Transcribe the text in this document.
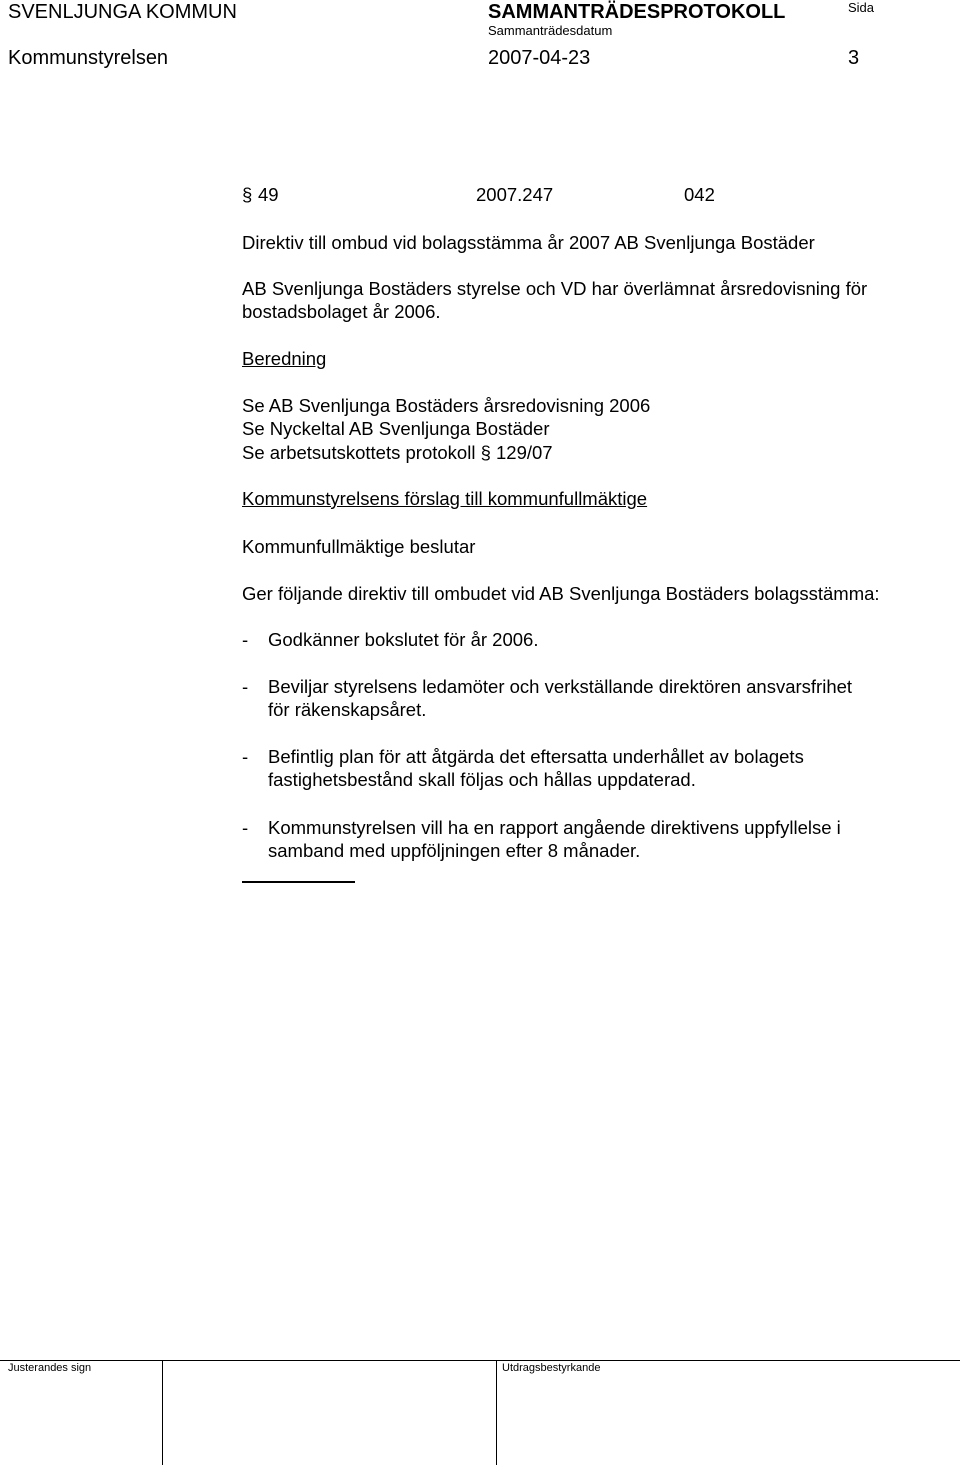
SVENLJUNGA KOMMUN	SAMMANTRÄDESPROTOKOLL	Sida
Sammanträdesdatum
Kommunstyrelsen	2007-04-23	3
§ 49	2007.247	042
Direktiv till ombud vid bolagsstämma år 2007 AB Svenljunga Bostäder
AB Svenljunga Bostäders styrelse och VD har överlämnat årsredovisning för
bostadsbolaget år 2006.
Beredning
Se AB Svenljunga Bostäders årsredovisning 2006
Se Nyckeltal AB Svenljunga Bostäder
Se arbetsutskottets protokoll § 129/07
Kommunstyrelsens förslag till kommunfullmäktige
Kommunfullmäktige beslutar
Ger följande direktiv till ombudet vid AB Svenljunga Bostäders bolagsstämma:
- Godkänner bokslutet för år 2006.
- Beviljar styrelsens ledamöter och verkställande direktören ansvarsfrihet
för räkenskapsåret.
- Befintlig plan för att åtgärda det eftersatta underhållet av bolagets
fastighetsbestånd skall följas och hållas uppdaterad.
- Kommunstyrelsen vill ha en rapport angående direktivens uppfyllelse i
samband med uppföljningen efter 8 månader.
Justerandes sign	Utdragsbestyrkande
